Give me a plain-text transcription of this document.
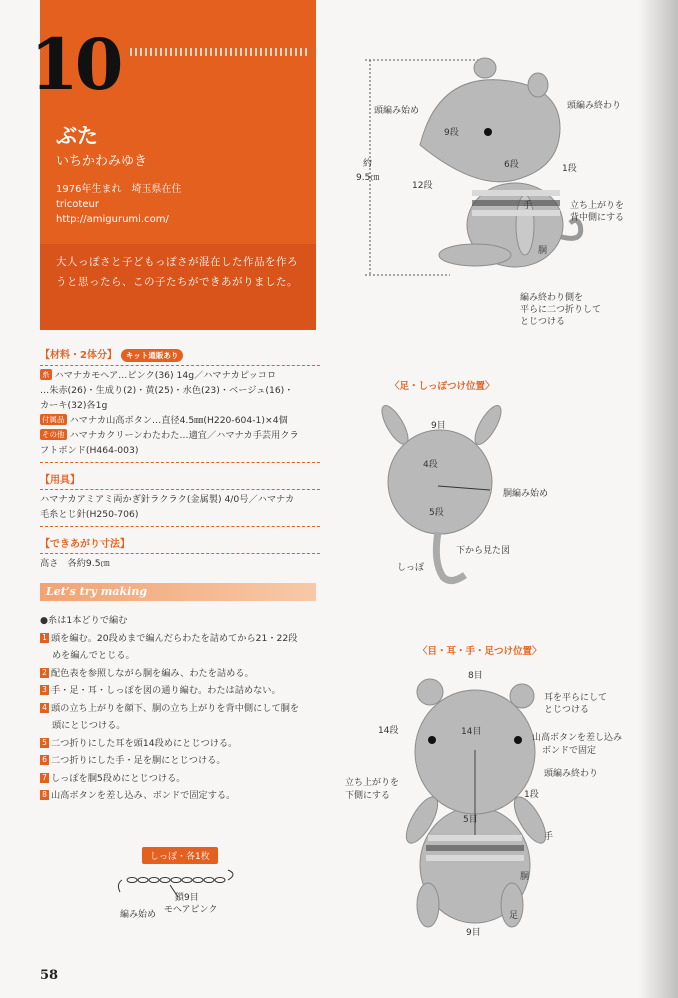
10
ぶた
いちかわみゆき
1976年生まれ　埼玉県在住
tricoteur
http://amigurumi.com/
大人っぽさと子どもっぽさが混在した作品を作ろうと思ったら、この子たちができあがりました。
【材料・2体分】 キット通販あり
糸 ハマナカモヘア…ピンク(36) 14g／ハマナカピッコロ
…朱赤(26)・生成り(2)・黄(25)・水色(23)・ベージュ(16)・
カーキ(32)各1g
付属品 ハマナカ山高ボタン…直径4.5㎜(H220-604-1)×4個
その他 ハマナカクリーンわたわた…適宜／ハマナカ手芸用クラ
フトボンド(H464-003)
【用具】
ハマナカアミアミ両かぎ針ラクラク(金属製) 4/0号／ハマナカ
毛糸とじ針(H250-706)
【できあがり寸法】
高さ　各約9.5㎝
Let’s try making
●糸は1本どりで編む
1 頭を編む。20段めまで編んだらわたを詰めてから21・22段
めを編んでとじる。
2 配色表を参照しながら胴を編み、わたを詰める。
3 手・足・耳・しっぽを図の通り編む。わたは詰めない。
4 頭の立ち上がりを顔下、胴の立ち上がりを背中側にして胴を
頭にとじつける。
5 二つ折りにした耳を頭14段めにとじつける。
6 二つ折りにした手・足を胴にとじつける。
7 しっぽを胴5段めにとじつける。
8 山高ボタンを差し込み、ボンドで固定する。
しっぽ・各1枚
編み始め
鎖9目
モヘアピンク
58
頭編み始め	頭編み終わり
9段
6段	1段
12段
約
9.5㎝
立ち上がりを
背中側にする
手
胴
編み終わり側を
平らに二つ折りして
とじつける
〈足・しっぽつけ位置〉
9目
4段
5段
胴編み始め
下から見た図
しっぽ
〈目・耳・手・足つけ位置〉
8目
耳を平らにして
とじつける
14段	14目
山高ボタンを差し込み
ボンドで固定
頭編み終わり
立ち上がりを
下側にする	1段
5目
手
胴
足
9目
